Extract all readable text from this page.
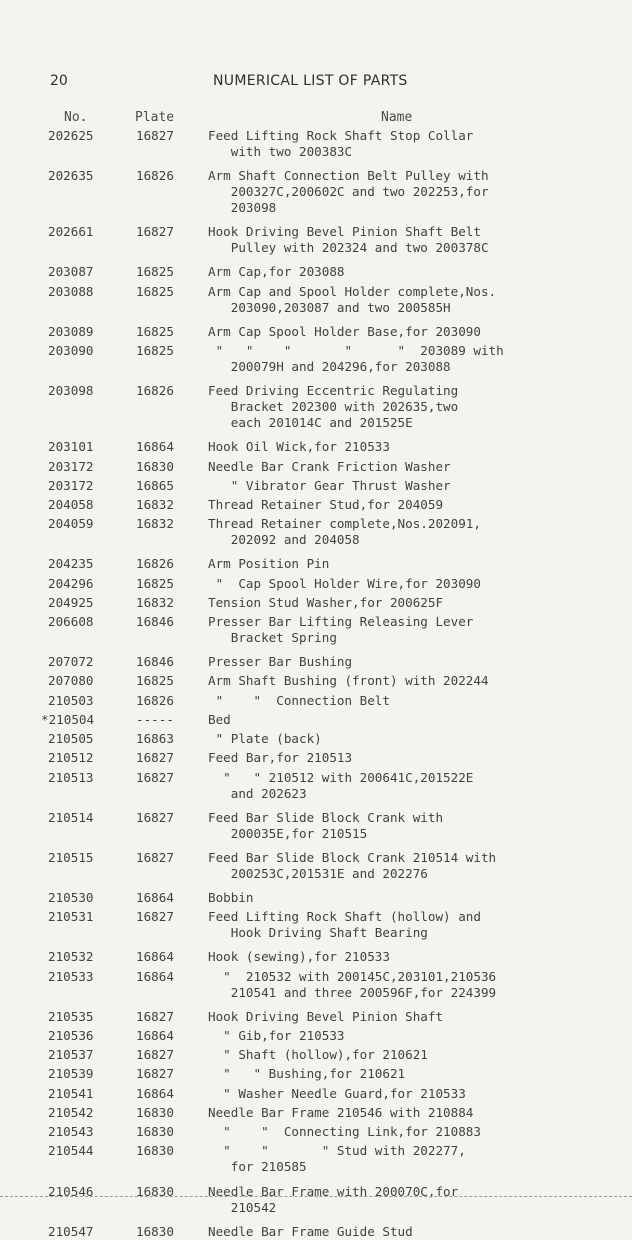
20	NUMERICAL LIST OF PARTS
No.	Plate	Name
202625	16827	Feed Lifting Rock Shaft Stop Collar
with two 200383C
202635	16826	Arm Shaft Connection Belt Pulley with
200327C,200602C and two 202253,for
203098
202661	16827	Hook Driving Bevel Pinion Shaft Belt
Pulley with 202324 and two 200378C
203087	16825	Arm Cap,for 203088
203088	16825	Arm Cap and Spool Holder complete,Nos.
203090,203087 and two 200585H
203089	16825	Arm Cap Spool Holder Base,for 203090
203090	16825	"   "    "       "      "  203089 with
200079H and 204296,for 203088
203098	16826	Feed Driving Eccentric Regulating
Bracket 202300 with 202635,two
each 201014C and 201525E
203101	16864	Hook Oil Wick,for 210533
203172	16830	Needle Bar Crank Friction Washer
203172	16865	" Vibrator Gear Thrust Washer
204058	16832	Thread Retainer Stud,for 204059
204059	16832	Thread Retainer complete,Nos.202091,
202092 and 204058
204235	16826	Arm Position Pin
204296	16825	"  Cap Spool Holder Wire,for 203090
204925	16832	Tension Stud Washer,for 200625F
206608	16846	Presser Bar Lifting Releasing Lever
Bracket Spring
207072	16846	Presser Bar Bushing
207080	16825	Arm Shaft Bushing (front) with 202244
210503	16826	"    "  Connection Belt
*210504	-----	Bed
210505	16863	" Plate (back)
210512	16827	Feed Bar,for 210513
210513	16827	"   " 210512 with 200641C,201522E
and 202623
210514	16827	Feed Bar Slide Block Crank with
200035E,for 210515
210515	16827	Feed Bar Slide Block Crank 210514 with
200253C,201531E and 202276
210530	16864	Bobbin
210531	16827	Feed Lifting Rock Shaft (hollow) and
Hook Driving Shaft Bearing
210532	16864	Hook (sewing),for 210533
210533	16864	"  210532 with 200145C,203101,210536
210541 and three 200596F,for 224399
210535	16827	Hook Driving Bevel Pinion Shaft
210536	16864	" Gib,for 210533
210537	16827	" Shaft (hollow),for 210621
210539	16827	"   " Bushing,for 210621
210541	16864	" Washer Needle Guard,for 210533
210542	16830	Needle Bar Frame 210546 with 210884
210543	16830	"    "  Connecting Link,for 210883
210544	16830	"    "       " Stud with 202277,
for 210585
210546	16830	Needle Bar Frame with 200070C,for
210542
210547	16830	Needle Bar Frame Guide Stud
